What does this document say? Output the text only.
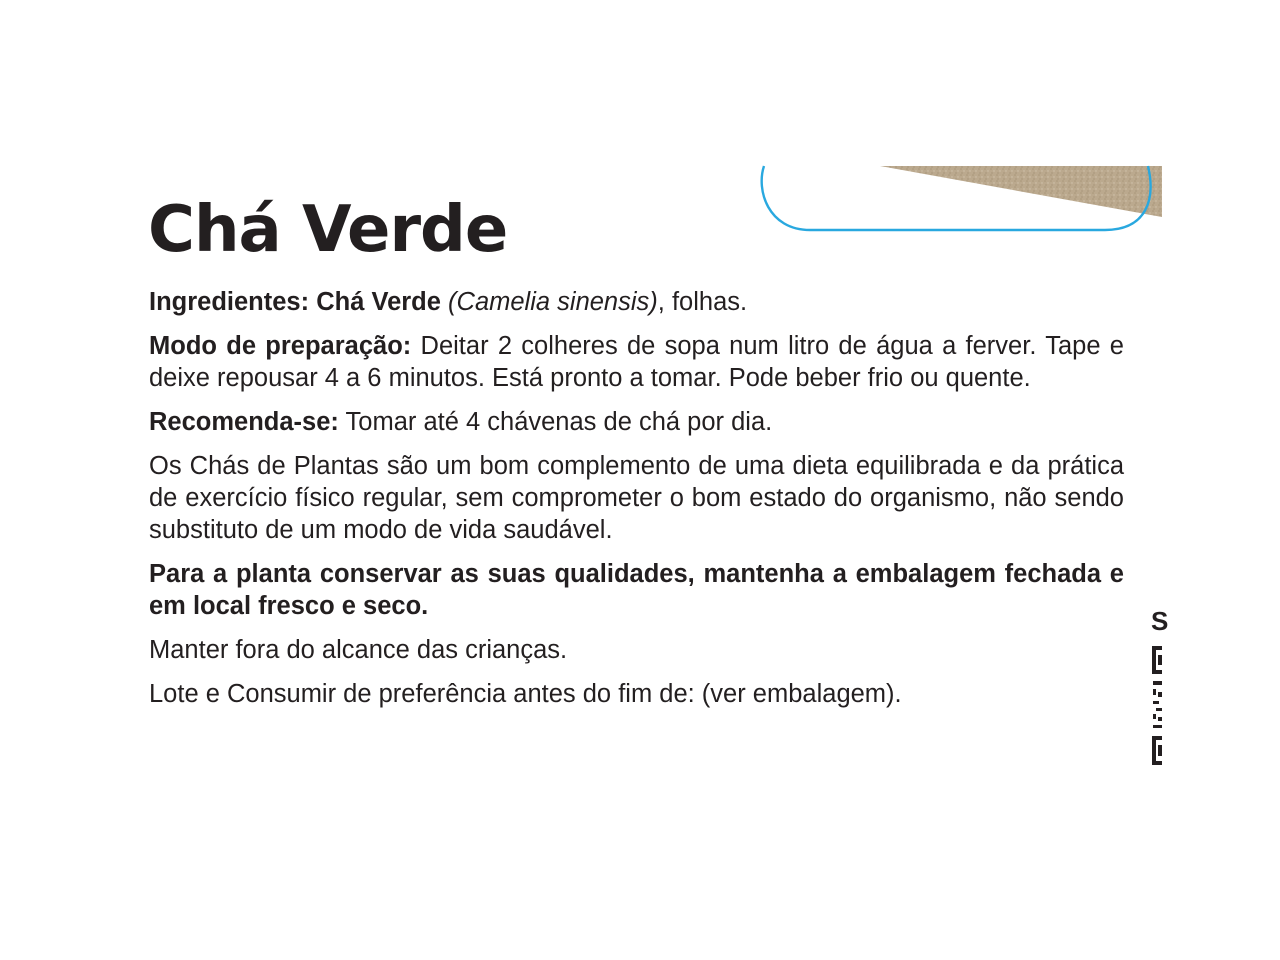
Chá Verde

Ingredientes: Chá Verde (Camelia sinensis), folhas.

Modo de preparação: Deitar 2 colheres de sopa num litro de água a ferver. Tape e deixe repousar 4 a 6 minutos. Está pronto a tomar. Pode beber frio ou quente.

Recomenda-se: Tomar até 4 chávenas de chá por dia.

Os Chás de Plantas são um bom complemento de uma dieta equilibrada e da prática de exercício físico regular, sem comprometer o bom estado do organismo, não sendo substituto de um modo de vida saudável.

Para a planta conservar as suas qualidades, mantenha a embalagem fechada e em local fresco e seco.

Manter fora do alcance das crianças.

Lote e Consumir de preferência antes do fim de: (ver embalagem).

S
